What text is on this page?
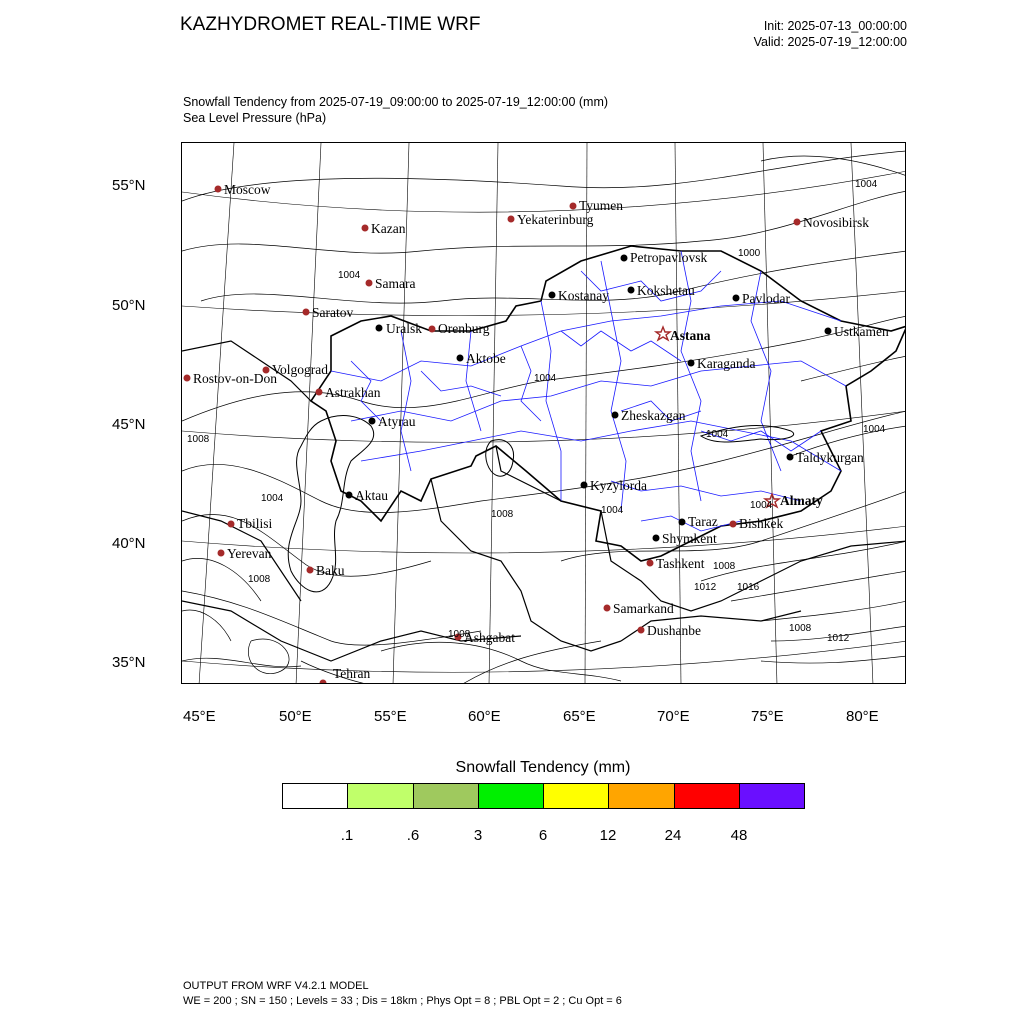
KAZHYDROMET REAL-TIME WRF	Init: 2025-07-13_00:00:00
Valid: 2025-07-19_12:00:00
Snowfall Tendency from 2025-07-19_09:00:00 to 2025-07-19_12:00:00 (mm)
Sea Level Pressure (hPa)
55°N
50°N
45°N
40°N
35°N
45°E	50°E	55°E	60°E	65°E	70°E	75°E	80°E
Moscow
Kazan
Tyumen
Yekaterinburg	Novosibirsk
Samara
Saratov
Orenburg
Uralsk
Volgograd
Rostov-on-Don
Astrakhan
Aktobe
Atyrau
Aktau
Tbilisi
Yerevan
Baku
Tehran
Ashgabat
Petropavlovsk
Kostanay Kokshetau
Pavlodar
Astana	Ustkamen
Karaganda
Zheskazgan
Taldykurgan
Kyzylorda
Almaty
Taraz Bishkek
Shymkent
Tashkent
Samarkand
Dushanbe
1004
1004
1000
1004
1004	1004
1008
1004
1008	1004
1008
1008
1012 1016
1008
1012
1008
1004
Snowfall Tendency (mm)
.1	.6	3	6	12	24	48
OUTPUT FROM WRF V4.2.1 MODEL
WE = 200 ; SN = 150 ; Levels = 33 ; Dis = 18km ; Phys Opt = 8 ; PBL Opt = 2 ; Cu Opt = 6
